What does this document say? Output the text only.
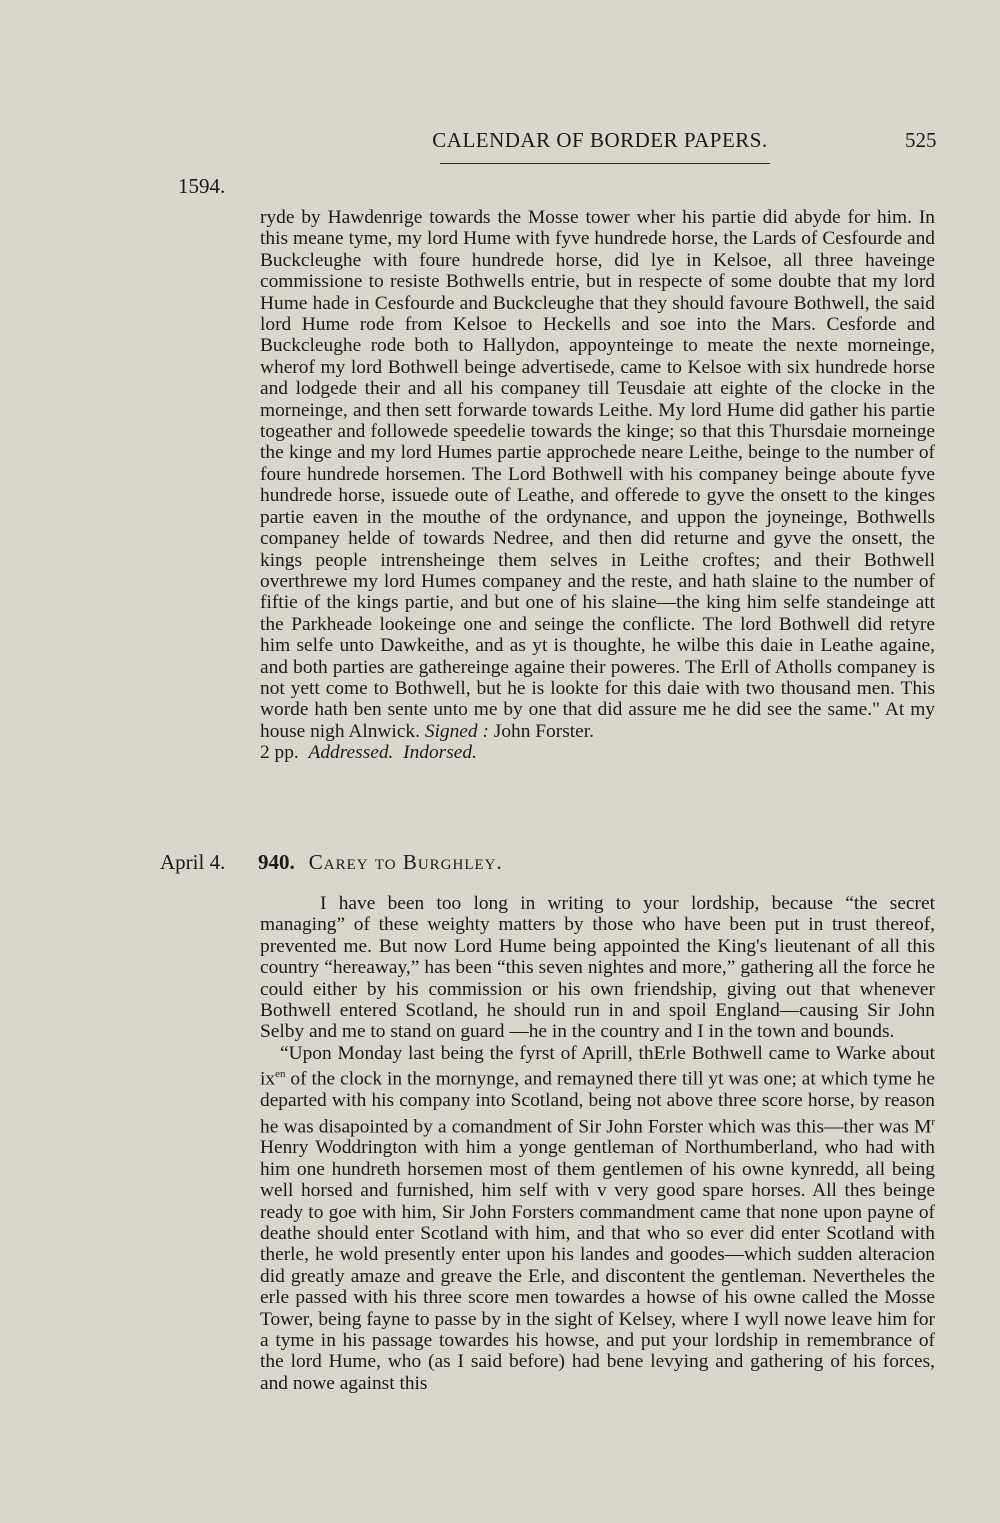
CALENDAR OF BORDER PAPERS.	525
1594.

ryde by Hawdenrige towards the Mosse tower wher his partie did abyde for him. In this meane tyme, my lord Hume with fyve hundrede horse, the Lards of Cesfourde and Buckcleughe with foure hundrede horse, did lye in Kelsoe, all three haveinge commissione to resiste Bothwells entrie, but in respecte of some doubte that my lord Hume hade in Cesfourde and Buckcleughe that they should favoure Bothwell, the said lord Hume rode from Kelsoe to Heckells and soe into the Mars. Cesforde and Buckcleughe rode both to Hallydon, appoynteinge to meate the nexte morneinge, wherof my lord Bothwell beinge advertisede, came to Kelsoe with six hundrede horse and lodgede their and all his companey till Teusdaie att eighte of the clocke in the morneinge, and then sett forwarde towards Leithe. My lord Hume did gather his partie togeather and followede speedelie towards the kinge; so that this Thursdaie morneinge the kinge and my lord Humes partie approchede neare Leithe, beinge to the number of foure hundrede horsemen. The Lord Bothwell with his companey beinge aboute fyve hundrede horse, issuede oute of Leathe, and offerede to gyve the onsett to the kinges partie eaven in the mouthe of the ordynance, and uppon the joyneinge, Bothwells companey helde of towards Nedree, and then did returne and gyve the onsett, the kings people intrensheinge them selves in Leithe croftes; and their Bothwell overthrewe my lord Humes companey and the reste, and hath slaine to the number of fiftie of the kings partie, and but one of his slaine—the king him selfe standeinge att the Parkheade lookeinge one and seinge the conflicte. The lord Bothwell did retyre him selfe unto Dawkeithe, and as yt is thoughte, he wilbe this daie in Leathe againe, and both parties are gathereinge againe their poweres. The Erll of Atholls companey is not yett come to Bothwell, but he is lookte for this daie with two thousand men. This worde hath ben sente unto me by one that did assure me he did see the same." At my house nigh Alnwick. Signed : John Forster.

2 pp. Addressed. Indorsed.

April 4. 940. Carey to Burghley.

I have been too long in writing to your lordship, because “the secret managing” of these weighty matters by those who have been put in trust thereof, prevented me. But now Lord Hume being appointed the King's lieutenant of all this country “hereaway,” has been “this seven nightes and more,” gathering all the force he could either by his commission or his own friendship, giving out that whenever Bothwell entered Scotland, he should run in and spoil England—causing Sir John Selby and me to stand on guard —he in the country and I in the town and bounds.

“Upon Monday last being the fyrst of Aprill, thErle Bothwell came to Warke about $ix^{en}$ of the clock in the mornynge, and remayned there till yt was one; at which tyme he departed with his company into Scotland, being not above three score horse, by reason he was disapointed by a comandment of Sir John Forster which was this—ther was $M^r$ Henry Woddrington with him a yonge gentleman of Northumberland, who had with him one hundreth horsemen most of them gentlemen of his owne kynredd, all being well horsed and furnished, him self with v very good spare horses. All thes beinge ready to goe with him, Sir John Forsters commandment came that none upon payne of deathe should enter Scotland with him, and that who so ever did enter Scotland with therle, he wold presently enter upon his landes and goodes—which sudden alteracion did greatly amaze and greave the Erle, and discontent the gentleman. Nevertheles the erle passed with his three score men towardes a howse of his owne called the Mosse Tower, being fayne to passe by in the sight of Kelsey, where I wyll nowe leave him for a tyme in his passage towardes his howse, and put your lordship in remembrance of the lord Hume, who (as I said before) had bene levying and gathering of his forces, and nowe against this
